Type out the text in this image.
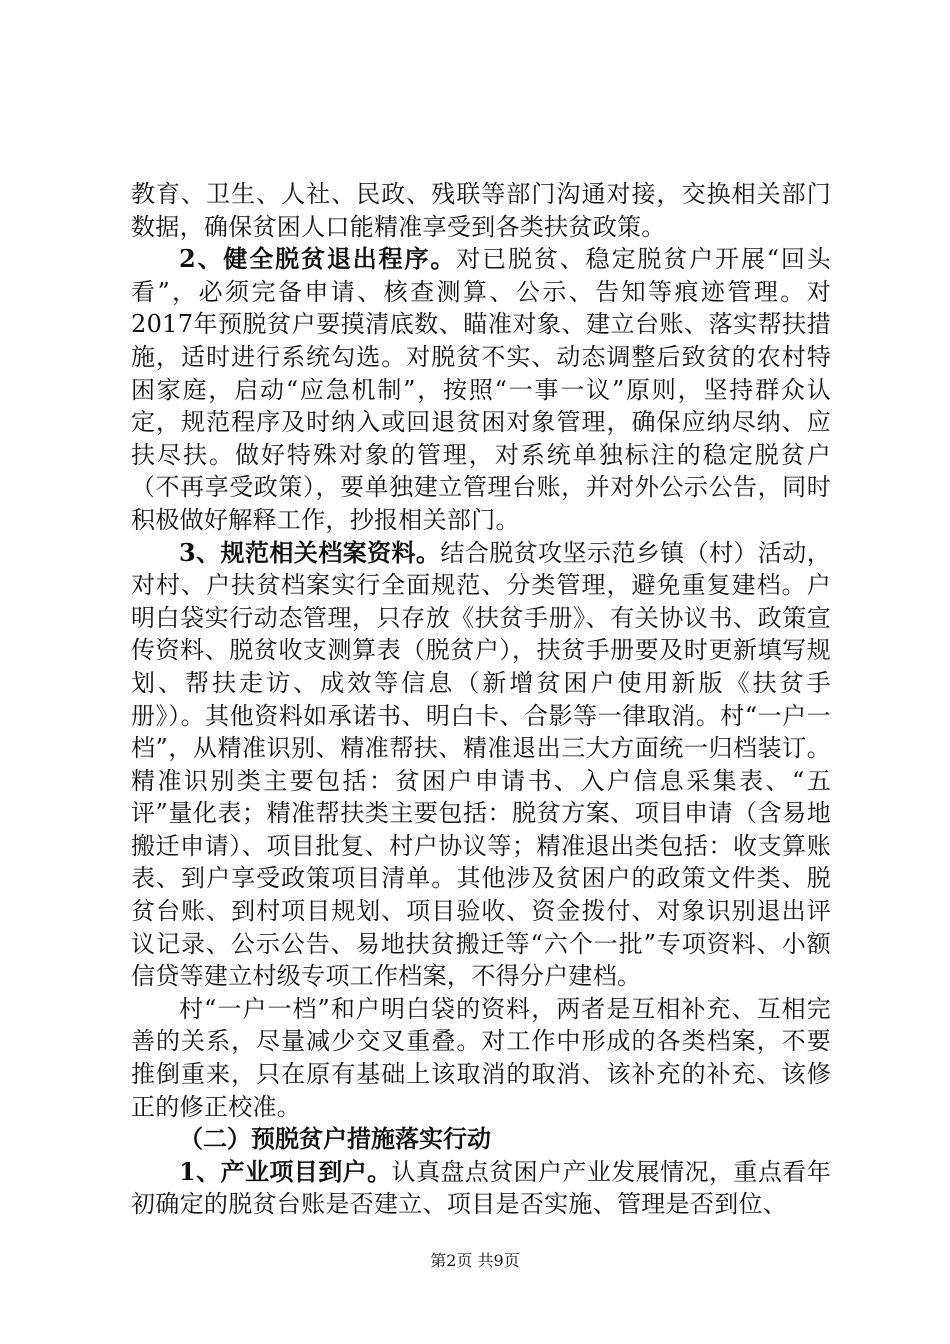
教育、卫生、人社、民政、残联等部门沟通对接，交换相关部门数据，确保贫困人口能精准享受到各类扶贫政策。

2、健全脱贫退出程序。对已脱贫、稳定脱贫户开展“回头看”，必须完备申请、核查测算、公示、告知等痕迹管理。对2017年预脱贫户要摸清底数、瞄准对象、建立台账、落实帮扶措施，适时进行系统勾选。对脱贫不实、动态调整后致贫的农村特困家庭，启动“应急机制”，按照“一事一议”原则，坚持群众认定，规范程序及时纳入或回退贫困对象管理，确保应纳尽纳、应扶尽扶。做好特殊对象的管理，对系统单独标注的稳定脱贫户（不再享受政策），要单独建立管理台账，并对外公示公告，同时积极做好解释工作，抄报相关部门。

3、规范相关档案资料。结合脱贫攻坚示范乡镇（村）活动，对村、户扶贫档案实行全面规范、分类管理，避免重复建档。户明白袋实行动态管理，只存放《扶贫手册》、有关协议书、政策宣传资料、脱贫收支测算表（脱贫户），扶贫手册要及时更新填写规划、帮扶走访、成效等信息（新增贫困户使用新版《扶贫手册》）。其他资料如承诺书、明白卡、合影等一律取消。村“一户一档”，从精准识别、精准帮扶、精准退出三大方面统一归档装订。精准识别类主要包括：贫困户申请书、入户信息采集表、“五评”量化表；精准帮扶类主要包括：脱贫方案、项目申请（含易地搬迁申请）、项目批复、村户协议等；精准退出类包括：收支算账表、到户享受政策项目清单。其他涉及贫困户的政策文件类、脱贫台账、到村项目规划、项目验收、资金拨付、对象识别退出评议记录、公示公告、易地扶贫搬迁等“六个一批”专项资料、小额信贷等建立村级专项工作档案，不得分户建档。

村“一户一档”和户明白袋的资料，两者是互相补充、互相完善的关系，尽量减少交叉重叠。对工作中形成的各类档案，不要推倒重来，只在原有基础上该取消的取消、该补充的补充、该修正的修正校准。

（二）预脱贫户措施落实行动

1、产业项目到户。认真盘点贫困户产业发展情况，重点看年初确定的脱贫台账是否建立、项目是否实施、管理是否到位、

第2页 共9页
